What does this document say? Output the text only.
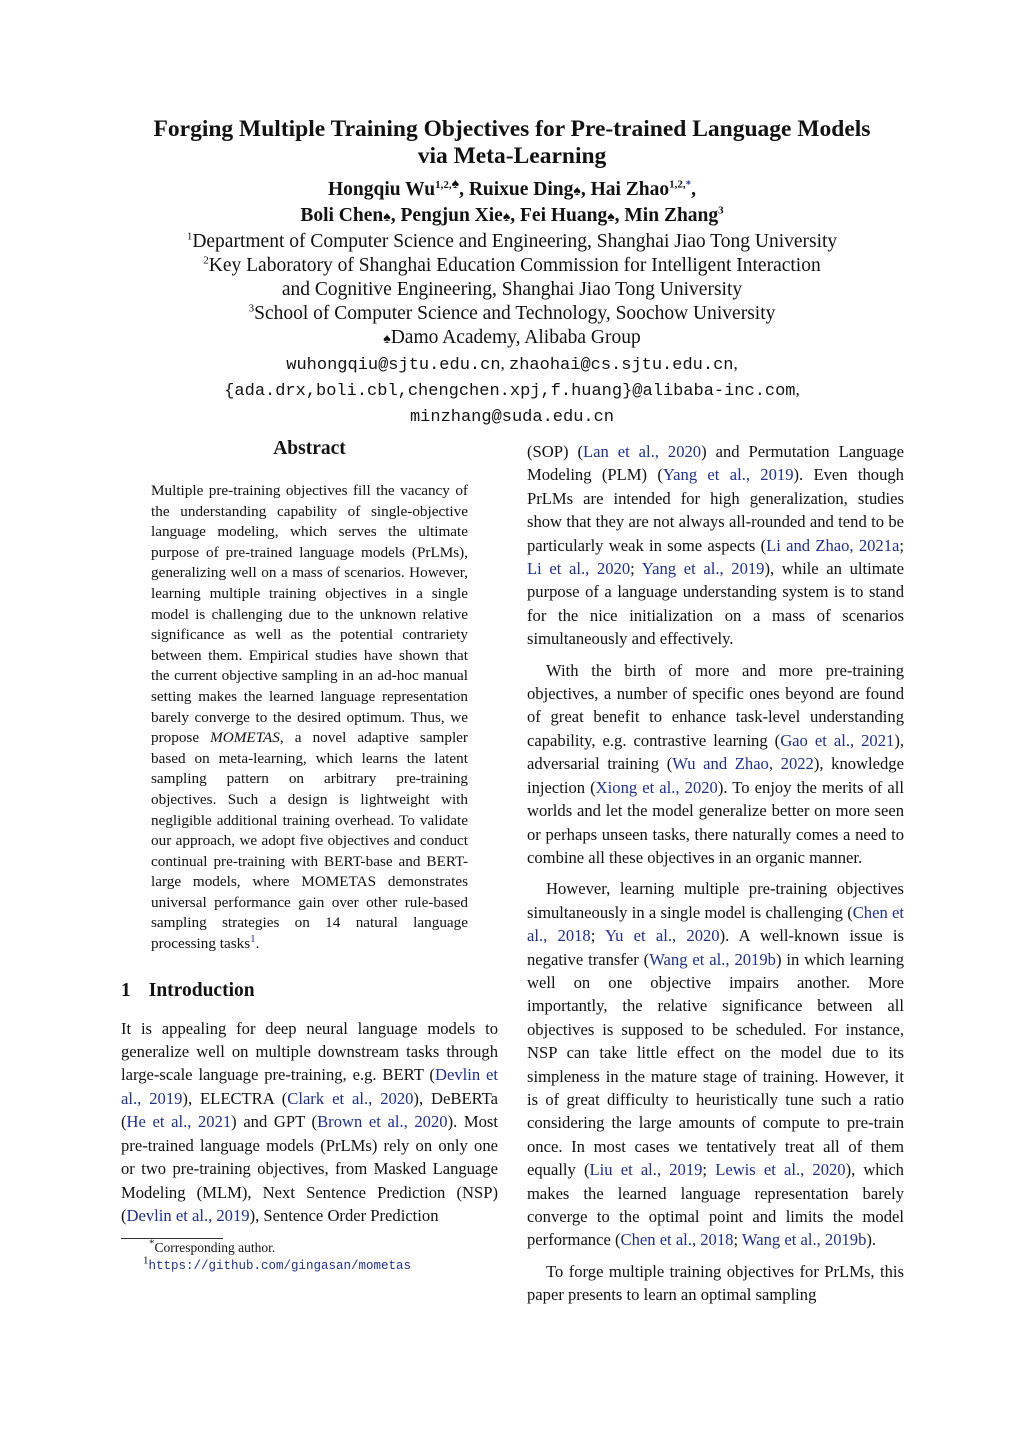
Forging Multiple Training Objectives for Pre-trained Language Models
via Meta-Learning
Hongqiu $Wu^{1,2,♠}$, Ruixue Ding♠, Hai Zhao$^{1,2,*}$,
Boli Chen♠, Pengjun Xie♠, Fei Huang♠, Min Zhang$^3$
$^1$Department of Computer Science and Engineering, Shanghai Jiao Tong University
$^2$Key Laboratory of Shanghai Education Commission for Intelligent Interaction
and Cognitive Engineering, Shanghai Jiao Tong University
$^3$School of Computer Science and Technology, Soochow University
♠Damo Academy, Alibaba Group
wuhongqiu@sjtu.edu.cn, zhaohai@cs.sjtu.edu.cn,
{ada.drx,boli.cbl,chengchen.xpj,f.huang}@alibaba-inc.com,
minzhang@suda.edu.cn
Abstract

Multiple pre-training objectives fill the vacancy of the understanding capability of single-objective language modeling, which serves the ultimate purpose of pre-trained language models (PrLMs), generalizing well on a mass of scenarios. However, learning multiple training objectives in a single model is challenging due to the unknown relative significance as well as the potential contrariety between them. Empirical studies have shown that the current objective sampling in an ad-hoc manual setting makes the learned language representation barely converge to the desired optimum. Thus, we propose MOMETAS, a novel adaptive sampler based on meta-learning, which learns the latent sampling pattern on arbitrary pre-training objectives. Such a design is lightweight with negligible additional training overhead. To validate our approach, we adopt five objectives and conduct continual pre-training with BERT-base and BERT-large models, where MOMETAS demonstrates universal performance gain over other rule-based sampling strategies on 14 natural language processing tasks$^1$.

1 Introduction

It is appealing for deep neural language models to generalize well on multiple downstream tasks through large-scale language pre-training, e.g. BERT (Devlin et al., 2019), ELECTRA (Clark et al., 2020), DeBERTa (He et al., 2021) and GPT (Brown et al., 2020). Most pre-trained language models (PrLMs) rely on only one or two pre-training objectives, from Masked Language Modeling (MLM), Next Sentence Prediction (NSP) (Devlin et al., 2019), Sentence Order Prediction

*Corresponding author.

$^1$https://github.com/gingasan/mometas

(SOP) (Lan et al., 2020) and Permutation Language Modeling (PLM) (Yang et al., 2019). Even though PrLMs are intended for high generalization, studies show that they are not always all-rounded and tend to be particularly weak in some aspects (Li and Zhao, 2021a; Li et al., 2020; Yang et al., 2019), while an ultimate purpose of a language understanding system is to stand for the nice initialization on a mass of scenarios simultaneously and effectively.

With the birth of more and more pre-training objectives, a number of specific ones beyond are found of great benefit to enhance task-level understanding capability, e.g. contrastive learning (Gao et al., 2021), adversarial training (Wu and Zhao, 2022), knowledge injection (Xiong et al., 2020). To enjoy the merits of all worlds and let the model generalize better on more seen or perhaps unseen tasks, there naturally comes a need to combine all these objectives in an organic manner.

However, learning multiple pre-training objectives simultaneously in a single model is challenging (Chen et al., 2018; Yu et al., 2020). A well-known issue is negative transfer (Wang et al., 2019b) in which learning well on one objective impairs another. More importantly, the relative significance between all objectives is supposed to be scheduled. For instance, NSP can take little effect on the model due to its simpleness in the mature stage of training. However, it is of great difficulty to heuristically tune such a ratio considering the large amounts of compute to pre-train once. In most cases we tentatively treat all of them equally (Liu et al., 2019; Lewis et al., 2020), which makes the learned language representation barely converge to the optimal point and limits the model performance (Chen et al., 2018; Wang et al., 2019b).

To forge multiple training objectives for PrLMs, this paper presents to learn an optimal sampling
